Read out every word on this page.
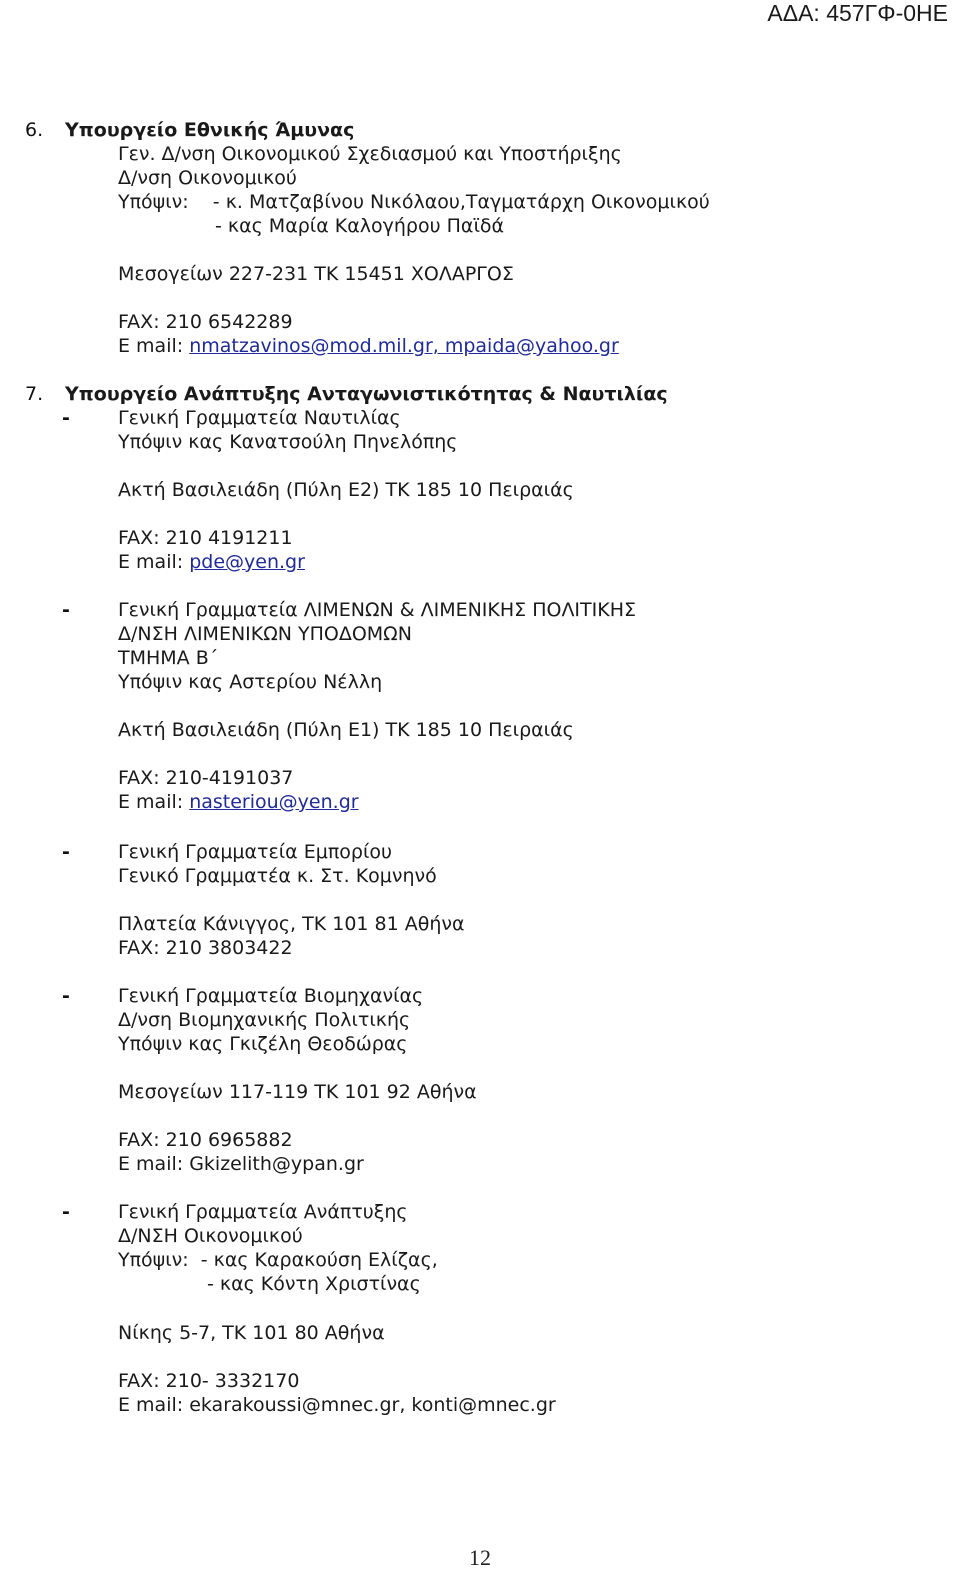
ΑΔΑ: 457ΓΦ-0ΗΕ
6. Υπουργείο Εθνικής Άμυνας
Γεν. Δ/νση Οικονομικού Σχεδιασμού και Υποστήριξης
Δ/νση Οικονομικού
Υπόψιν:    - κ. Ματζαβίνου Νικόλαου,Ταγματάρχη Οικονομικού
- κας Μαρία Καλογήρου Παϊδά
Μεσογείων 227-231 ΤΚ 15451 ΧΟΛΑΡΓΟΣ
FAX: 210 6542289
E mail: nmatzavinos@mod.mil.gr, mpaida@yahoo.gr
7. Υπουργείο Ανάπτυξης Ανταγωνιστικότητας & Ναυτιλίας
-	Γενική Γραμματεία Ναυτιλίας
Υπόψιν κας Κανατσούλη Πηνελόπης
Ακτή Βασιλειάδη (Πύλη Ε2) ΤΚ 185 10 Πειραιάς
FAX: 210 4191211
E mail: pde@yen.gr
-	Γενική Γραμματεία ΛΙΜΕΝΩΝ & ΛΙΜΕΝΙΚΗΣ ΠΟΛΙΤΙΚΗΣ
Δ/ΝΣΗ ΛΙΜΕΝΙΚΩΝ ΥΠΟΔΟΜΩΝ
ΤΜΗΜΑ Β΄
Υπόψιν κας Αστερίου Νέλλη
Ακτή Βασιλειάδη (Πύλη Ε1) ΤΚ 185 10 Πειραιάς
FAX: 210-4191037
E mail: nasteriou@yen.gr
-	Γενική Γραμματεία Εμπορίου
Γενικό Γραμματέα κ. Στ. Κομνηνό
Πλατεία Κάνιγγος, ΤΚ 101 81 Αθήνα
FAX: 210 3803422
-	Γενική Γραμματεία Βιομηχανίας
Δ/νση Βιομηχανικής Πολιτικής
Υπόψιν κας Γκιζέλη Θεοδώρας
Μεσογείων 117-119 ΤΚ 101 92 Αθήνα
FAX: 210 6965882
E mail: Gkizelith@ypan.gr
-	Γενική Γραμματεία Ανάπτυξης
Δ/ΝΣΗ Οικονομικού
Υπόψιν:  - κας Καρακούση Ελίζας,
- κας Κόντη Χριστίνας
Νίκης 5-7, ΤΚ 101 80 Αθήνα
FAX: 210- 3332170
E mail: ekarakoussi@mnec.gr, konti@mnec.gr
12
